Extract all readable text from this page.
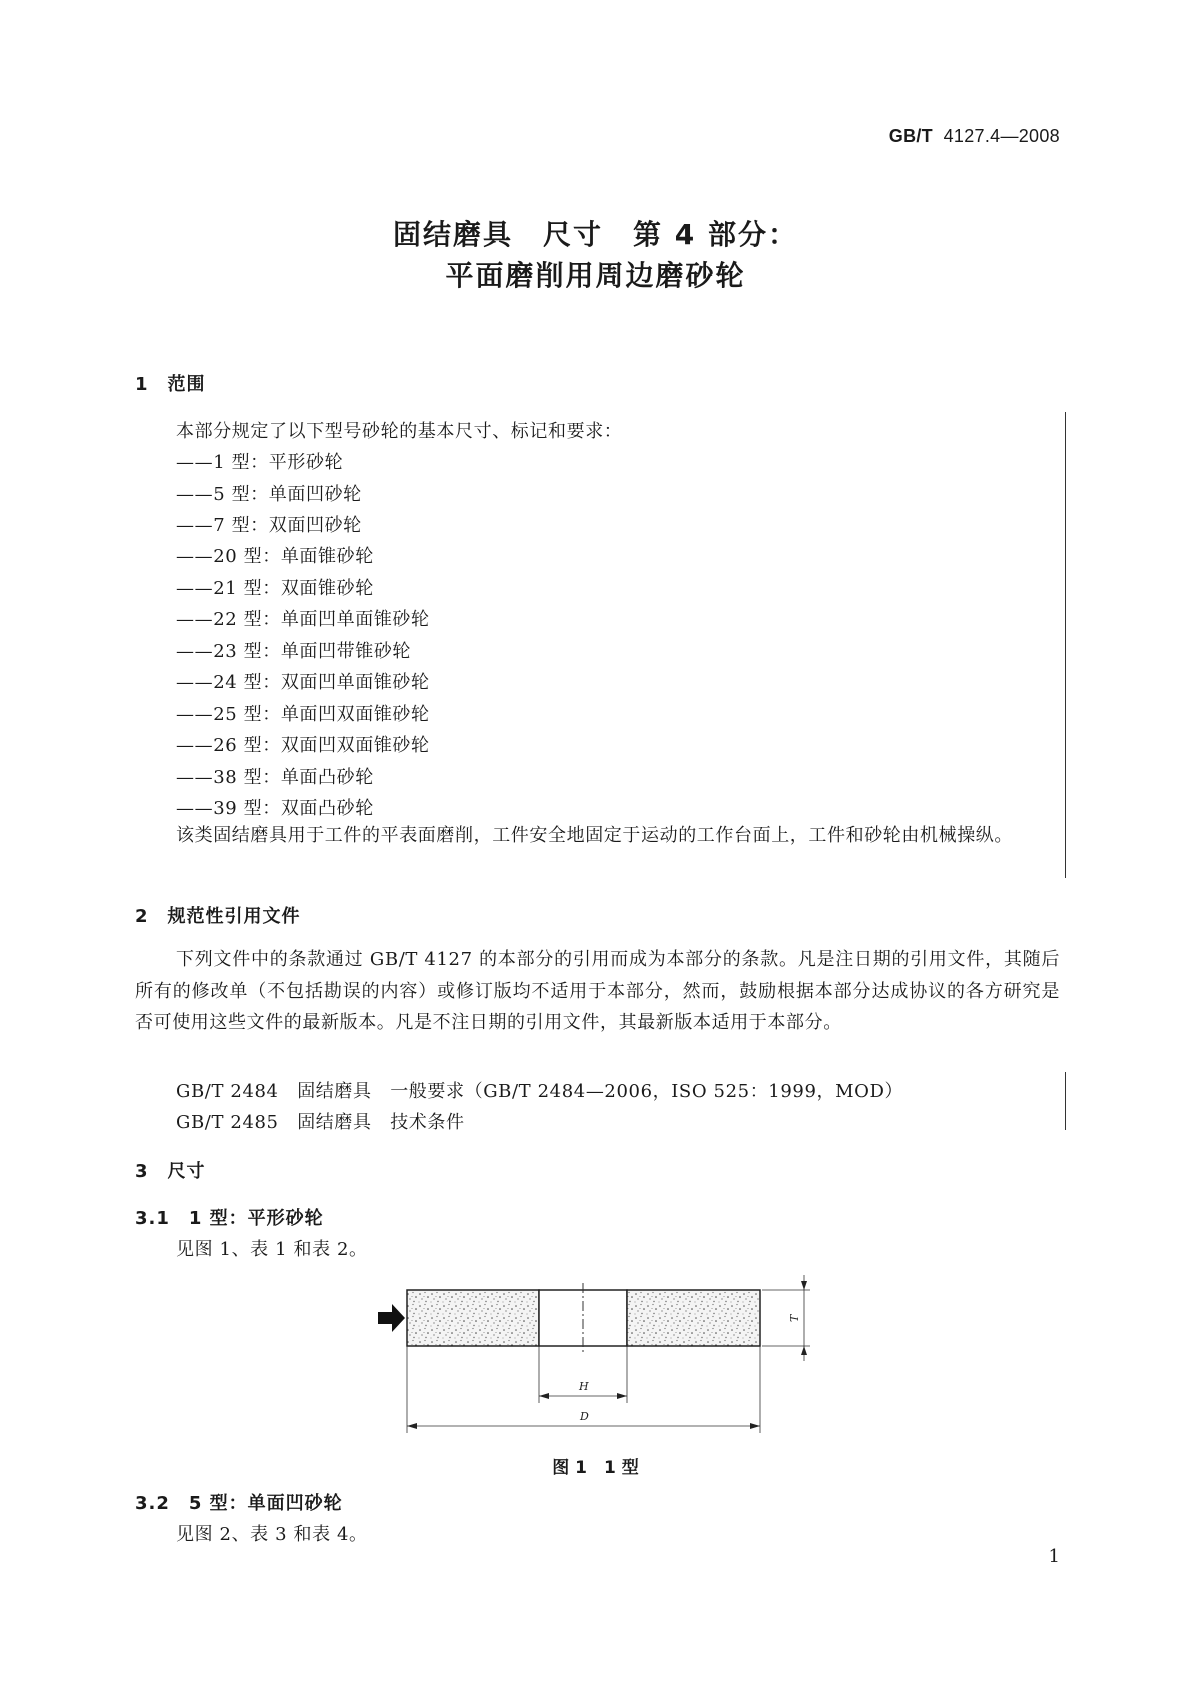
GB/T 4127.4—2008
固结磨具　尺寸　第 4 部分：
平面磨削用周边磨砂轮
1　范围
本部分规定了以下型号砂轮的基本尺寸、标记和要求：
——1 型：平形砂轮
——5 型：单面凹砂轮
——7 型：双面凹砂轮
——20 型：单面锥砂轮
——21 型：双面锥砂轮
——22 型：单面凹单面锥砂轮
——23 型：单面凹带锥砂轮
——24 型：双面凹单面锥砂轮
——25 型：单面凹双面锥砂轮
——26 型：双面凹双面锥砂轮
——38 型：单面凸砂轮
——39 型：双面凸砂轮
该类固结磨具用于工件的平表面磨削，工件安全地固定于运动的工作台面上，工件和砂轮由机械操纵。
2　规范性引用文件
下列文件中的条款通过 GB/T 4127 的本部分的引用而成为本部分的条款。凡是注日期的引用文件，其随后所有的修改单（不包括勘误的内容）或修订版均不适用于本部分，然而，鼓励根据本部分达成协议的各方研究是否可使用这些文件的最新版本。凡是不注日期的引用文件，其最新版本适用于本部分。
GB/T 2484　固结磨具　一般要求（GB/T 2484—2006，ISO 525：1999，MOD）
GB/T 2485　固结磨具　技术条件
3　尺寸
3.1　1 型：平形砂轮
见图 1、表 1 和表 2。
T
H
D
图 1　1 型
3.2　5 型：单面凹砂轮
见图 2、表 3 和表 4。
1
